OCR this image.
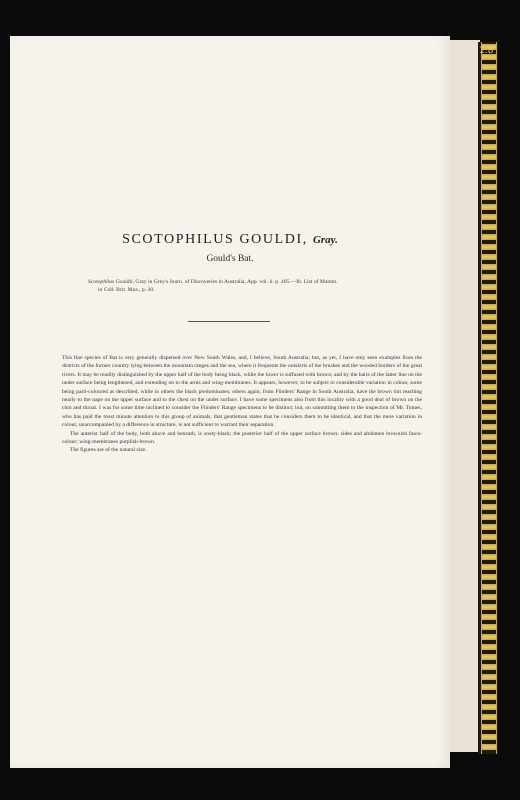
SCOTOPHILUS GOULDI, Gray.
Gould's Bat.
Scotophilus Gouldii, Gray in Grey's Journ. of Discoveries in Australia, App. vol. ii. p. 405.—Ib. List of Mamm.
in Coll. Brit. Mus., p. 30.

This fine species of Bat is very generally dispersed over New South Wales, and, I believe, South Australia; but, as yet, I have only seen examples from the districts of the former country lying between the mountain ranges and the sea, where it frequents the outskirts of the brushes and the wooded borders of the great rivers. It may be readily distinguished by the upper half of the body being black, while the lower is suffused with brown; and by the hairs of the latter line on the under surface being lengthened, and extending on to the arms and wing-membranes. It appears, however, to be subject to considerable variation in colour, some being parti-coloured as described, while in others the black predominates; others again, from Flinders' Range in South Australia, have the brown tint reaching nearly to the nape on the upper surface and to the chest on the under surface. I have some specimens also from this locality with a good deal of brown on the chin and throat. I was for some time inclined to consider the Flinders' Range specimens to be distinct; but, on submitting them to the inspection of Mr. Tomes, who has paid the most minute attention to this group of animals, that gentleman states that he considers them to be identical, and that the mere variation in colour, unaccompanied by a difference in structure, is not sufficient to warrant their separation.

The anterior half of the body, both above and beneath, is sooty-black; the posterior half of the upper surface brown; sides and abdomen brownish fawn-colour; wing-membranes purplish-brown.

The figures are of the natural size.

1:8
